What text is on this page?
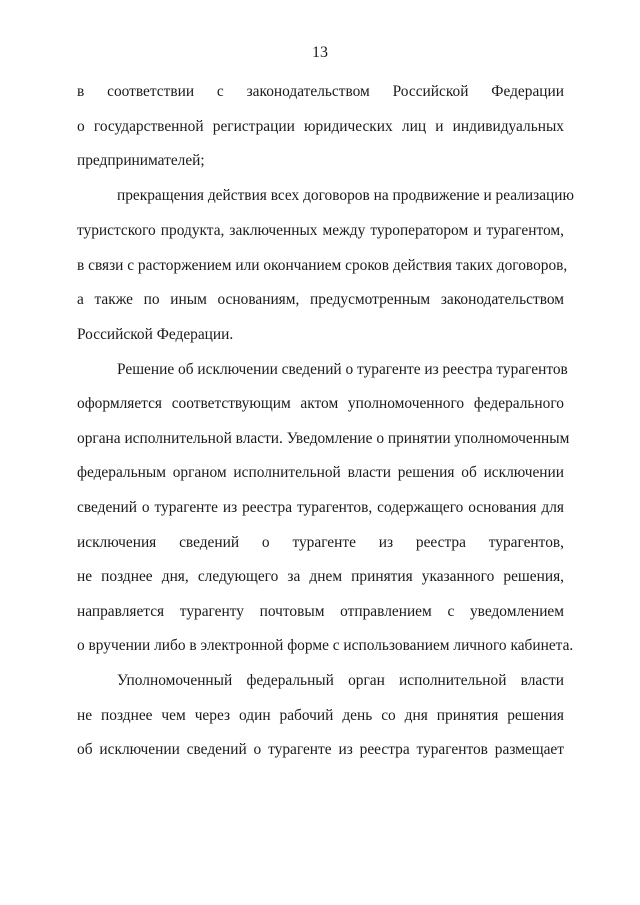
13
в соответствии с законодательством Российской Федерации
о государственной регистрации юридических лиц и индивидуальных
предпринимателей;
прекращения действия всех договоров на продвижение и реализацию
туристского продукта, заключенных между туроператором и турагентом,
в связи с расторжением или окончанием сроков действия таких договоров,
а также по иным основаниям, предусмотренным законодательством
Российской Федерации.
Решение об исключении сведений о турагенте из реестра турагентов
оформляется соответствующим актом уполномоченного федерального
органа исполнительной власти. Уведомление о принятии уполномоченным
федеральным органом исполнительной власти решения об исключении
сведений о турагенте из реестра турагентов, содержащего основания для
исключения сведений о турагенте из реестра турагентов,
не позднее дня, следующего за днем принятия указанного решения,
направляется турагенту почтовым отправлением с уведомлением
о вручении либо в электронной форме с использованием личного кабинета.
Уполномоченный федеральный орган исполнительной власти
не позднее чем через один рабочий день со дня принятия решения
об исключении сведений о турагенте из реестра турагентов размещает
